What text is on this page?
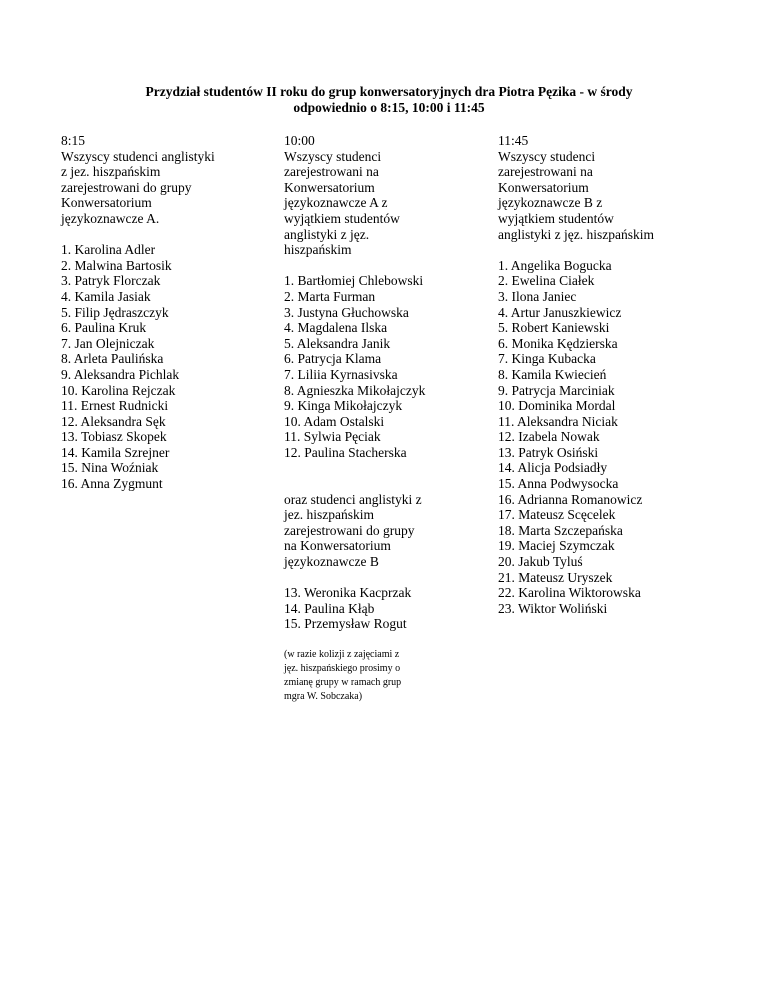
Przydział studentów II roku do grup konwersatoryjnych dra Piotra Pęzika - w środy
odpowiednio o 8:15, 10:00 i 11:45
8:15
Wszyscy studenci anglistyki
z jez. hiszpańskim
zarejestrowani do grupy
Konwersatorium
językoznawcze A.
1. Karolina Adler
2. Malwina Bartosik
3. Patryk Florczak
4. Kamila Jasiak
5. Filip Jędraszczyk
6. Paulina Kruk
7. Jan Olejniczak
8. Arleta Paulińska
9. Aleksandra Pichlak
10. Karolina Rejczak
11. Ernest Rudnicki
12. Aleksandra Sęk
13. Tobiasz Skopek
14. Kamila Szrejner
15. Nina Woźniak
16. Anna Zygmunt
10:00
Wszyscy studenci
zarejestrowani na
Konwersatorium
językoznawcze A z
wyjątkiem studentów
anglistyki z jęz.
hiszpańskim
1. Bartłomiej Chlebowski
2. Marta Furman
3. Justyna Głuchowska
4. Magdalena Ilska
5. Aleksandra Janik
6. Patrycja Klama
7. Liliia Kyrnasivska
8. Agnieszka Mikołajczyk
9. Kinga Mikołajczyk
10. Adam Ostalski
11. Sylwia Pęciak
12. Paulina Stacherska
oraz studenci anglistyki z
jez. hiszpańskim
zarejestrowani do grupy
na Konwersatorium
językoznawcze B
13. Weronika Kacprzak
14. Paulina Kłąb
15. Przemysław Rogut
(w razie kolizji z zajęciami z
jęz. hiszpańskiego prosimy o
zmianę grupy w ramach grup
mgra W. Sobczaka)
11:45
Wszyscy studenci
zarejestrowani na
Konwersatorium
językoznawcze B z
wyjątkiem studentów
anglistyki z jęz. hiszpańskim
1. Angelika Bogucka
2. Ewelina Ciałek
3. Ilona Janiec
4. Artur Januszkiewicz
5. Robert Kaniewski
6. Monika Kędzierska
7. Kinga Kubacka
8. Kamila Kwiecień
9. Patrycja Marciniak
10. Dominika Mordal
11. Aleksandra Niciak
12. Izabela Nowak
13. Patryk Osiński
14. Alicja Podsiadły
15. Anna Podwysocka
16. Adrianna Romanowicz
17. Mateusz Scęcelek
18. Marta Szczepańska
19. Maciej Szymczak
20. Jakub Tyluś
21. Mateusz Uryszek
22. Karolina Wiktorowska
23. Wiktor Woliński
